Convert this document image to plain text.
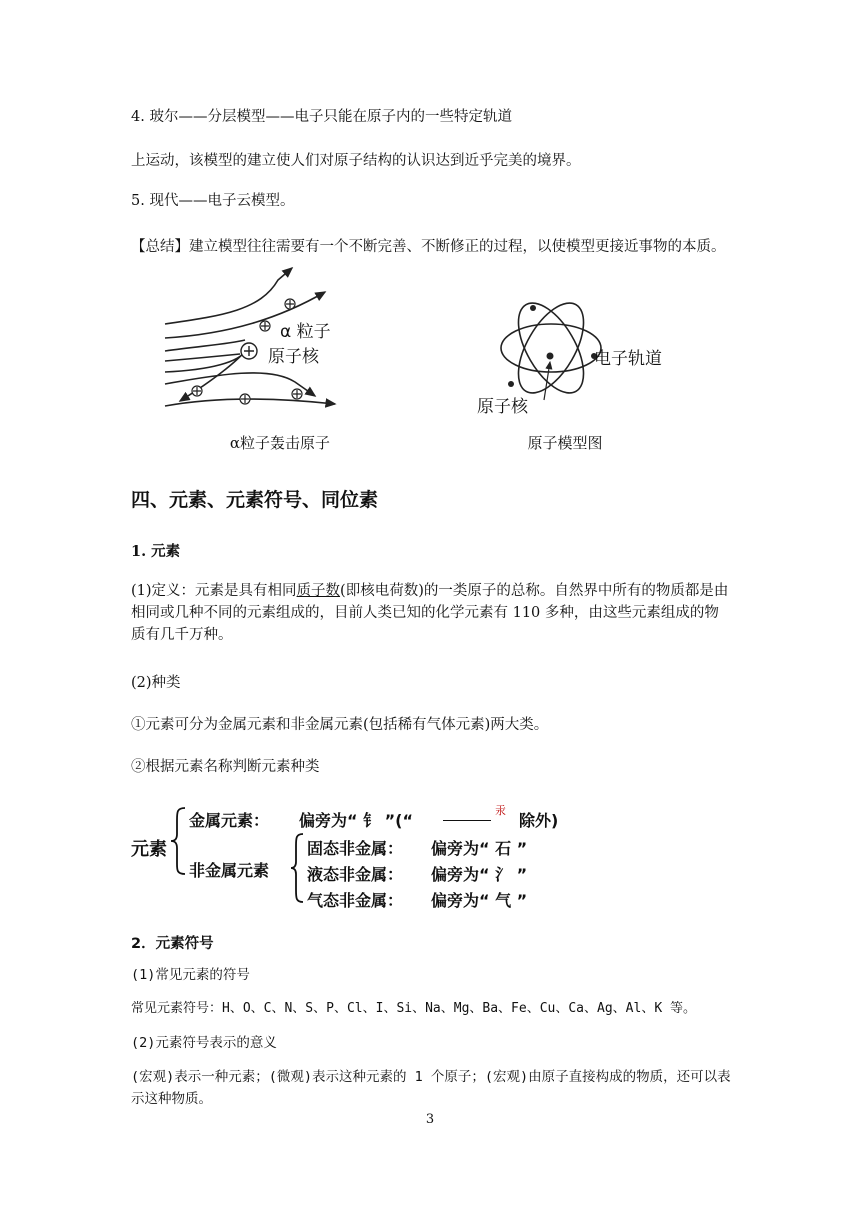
4. 玻尔——分层模型——电子只能在原子内的一些特定轨道
上运动，该模型的建立使人们对原子结构的认识达到近乎完美的境界。
5. 现代——电子云模型。
【总结】建立模型往往需要有一个不断完善、不断修正的过程，以使模型更接近事物的本质。
α 粒子
原子核	电子轨道
原子核
α粒子轰击原子	原子模型图
四、元素、元素符号、同位素
1. 元素
(1)定义：元素是具有相同质子数(即核电荷数)的一类原子的总称。自然界中所有的物质都是由相同或几种不同的元素组成的，目前人类已知的化学元素有 110 多种，由这些元素组成的物质有几千万种。
(2)种类
①元素可分为金属元素和非金属元素(包括稀有气体元素)两大类。
②根据元素名称判断元素种类
元素
金属元素： 偏旁为“ 钅 ”(“
汞
除外)
非金属元素
固态非金属： 偏旁为“ 石 ”
液态非金属： 偏旁为“ 氵 ”
气态非金属： 偏旁为“ 气 ”
2．元素符号
(1)常见元素的符号
常见元素符号：H、O、C、N、S、P、Cl、I、Si、Na、Mg、Ba、Fe、Cu、Ca、Ag、Al、K 等。
(2)元素符号表示的意义
(宏观)表示一种元素；(微观)表示这种元素的 1 个原子；(宏观)由原子直接构成的物质，还可以表示这种物质。
3
